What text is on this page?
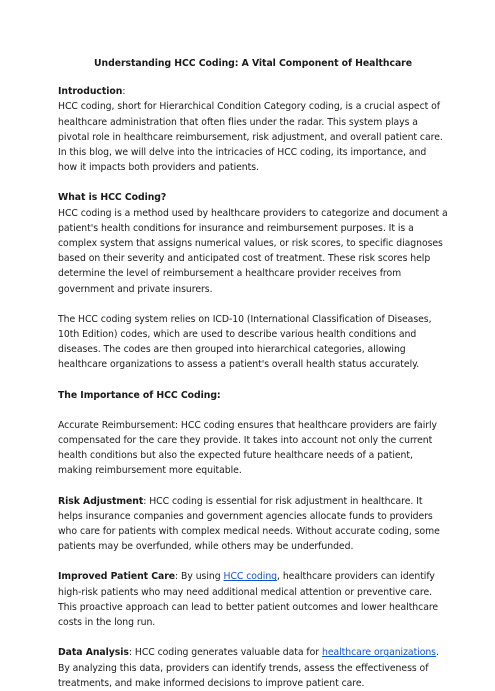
Understanding HCC Coding: A Vital Component of Healthcare

Introduction:

HCC coding, short for Hierarchical Condition Category coding, is a crucial aspect of healthcare administration that often flies under the radar. This system plays a pivotal role in healthcare reimbursement, risk adjustment, and overall patient care. In this blog, we will delve into the intricacies of HCC coding, its importance, and how it impacts both providers and patients.

What is HCC Coding?

HCC coding is a method used by healthcare providers to categorize and document a patient's health conditions for insurance and reimbursement purposes. It is a complex system that assigns numerical values, or risk scores, to specific diagnoses based on their severity and anticipated cost of treatment. These risk scores help determine the level of reimbursement a healthcare provider receives from government and private insurers.

The HCC coding system relies on ICD-10 (International Classification of Diseases, 10th Edition) codes, which are used to describe various health conditions and diseases. The codes are then grouped into hierarchical categories, allowing healthcare organizations to assess a patient's overall health status accurately.

The Importance of HCC Coding:

Accurate Reimbursement: HCC coding ensures that healthcare providers are fairly compensated for the care they provide. It takes into account not only the current health conditions but also the expected future healthcare needs of a patient, making reimbursement more equitable.

Risk Adjustment: HCC coding is essential for risk adjustment in healthcare. It helps insurance companies and government agencies allocate funds to providers who care for patients with complex medical needs. Without accurate coding, some patients may be overfunded, while others may be underfunded.

Improved Patient Care: By using HCC coding, healthcare providers can identify high-risk patients who may need additional medical attention or preventive care. This proactive approach can lead to better patient outcomes and lower healthcare costs in the long run.

Data Analysis: HCC coding generates valuable data for healthcare organizations. By analyzing this data, providers can identify trends, assess the effectiveness of treatments, and make informed decisions to improve patient care.
